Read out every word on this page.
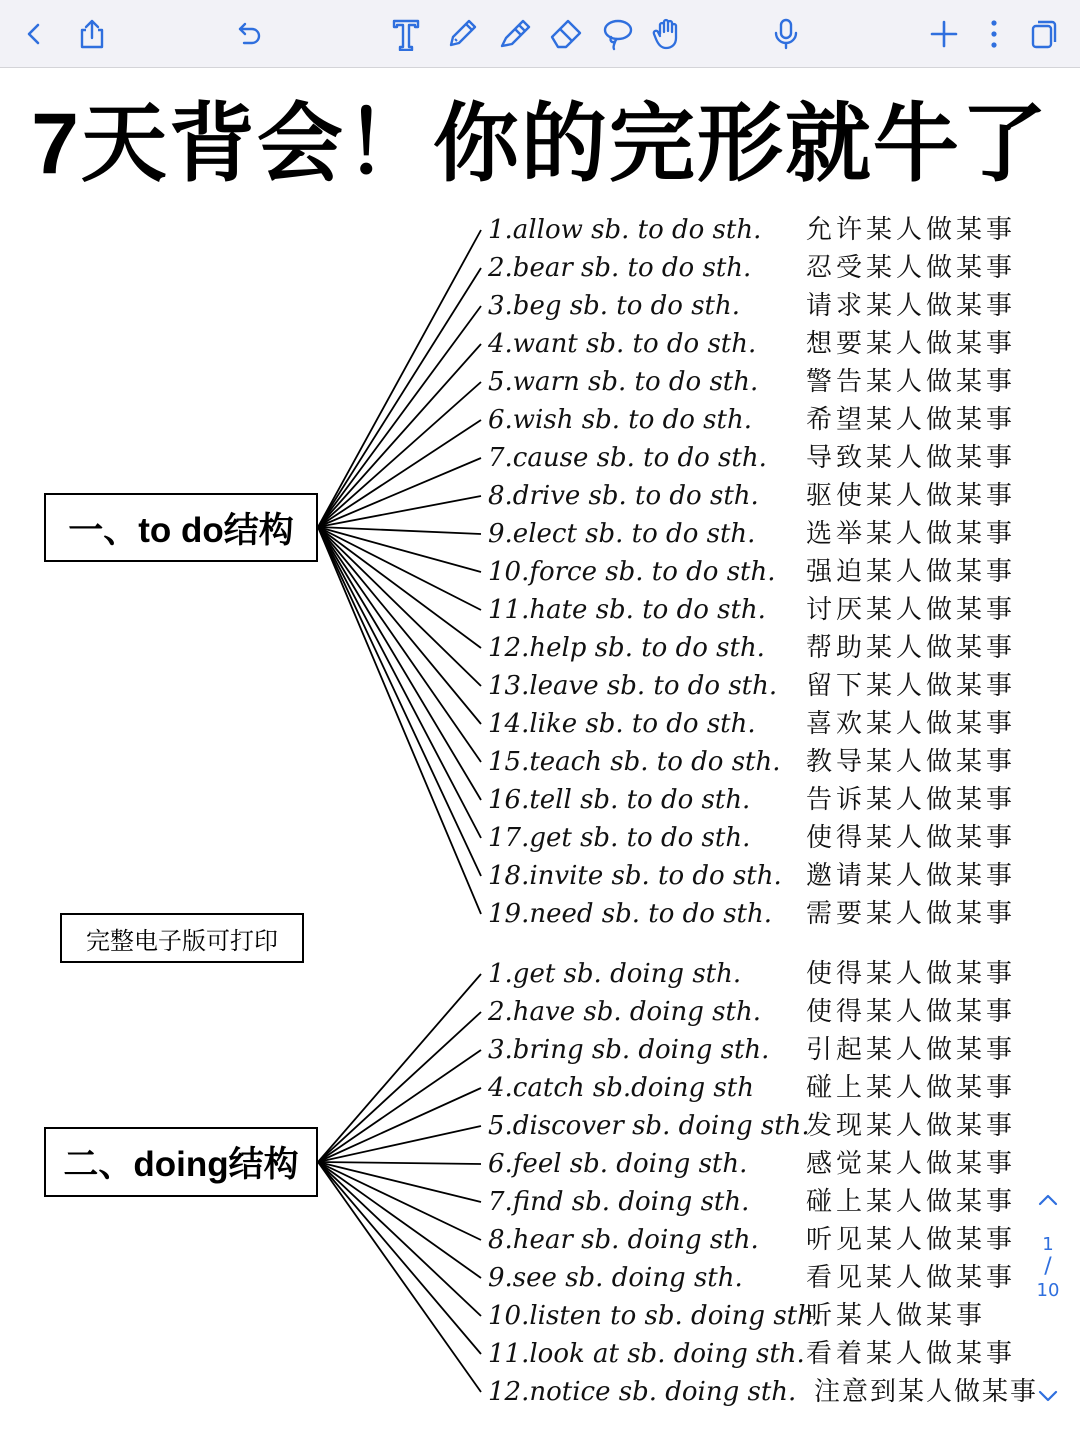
7天背会！你的完形就牛了
一、to do结构
完整电子版可打印
二、doing结构
1.allow sb. to do sth. 允许某人做某事
2.bear sb. to do sth. 忍受某人做某事
3.beg sb. to do sth.	请求某人做某事
4.want sb. to do sth. 想要某人做某事
5.warn sb. to do sth. 警告某人做某事
6.wish sb. to do sth. 希望某人做某事
7.cause sb. to do sth. 导致某人做某事
8.drive sb. to do sth. 驱使某人做某事
9.elect sb. to do sth. 选举某人做某事
10.force sb. to do sth. 强迫某人做某事
11.hate sb. to do sth. 讨厌某人做某事
12.help sb. to do sth. 帮助某人做某事
13.leave sb. to do sth. 留下某人做某事
14.like sb. to do sth. 喜欢某人做某事
15.teach sb. to do sth. 教导某人做某事
16.tell sb. to do sth. 告诉某人做某事
17.get sb. to do sth. 使得某人做某事
18.invite sb. to do sth. 邀请某人做某事
19.need sb. to do sth. 需要某人做某事
1.get sb. doing sth. 使得某人做某事
2.have sb. doing sth. 使得某人做某事
3.bring sb. doing sth. 引起某人做某事
4.catch sb.doing sth 碰上某人做某事
5.discover sb. doing sth.
发现某人做某事
6.feel sb. doing sth. 感觉某人做某事
7.find sb. doing sth. 碰上某人做某事
8.hear sb. doing sth. 听见某人做某事
9.see sb. doing sth. 看见某人做某事
10.listen to sb. doing sth.
听某人做某事
11.look at sb. doing sth. 看着某人做某事
12.notice sb. doing sth. 注意到某人做某事
1
/
10
